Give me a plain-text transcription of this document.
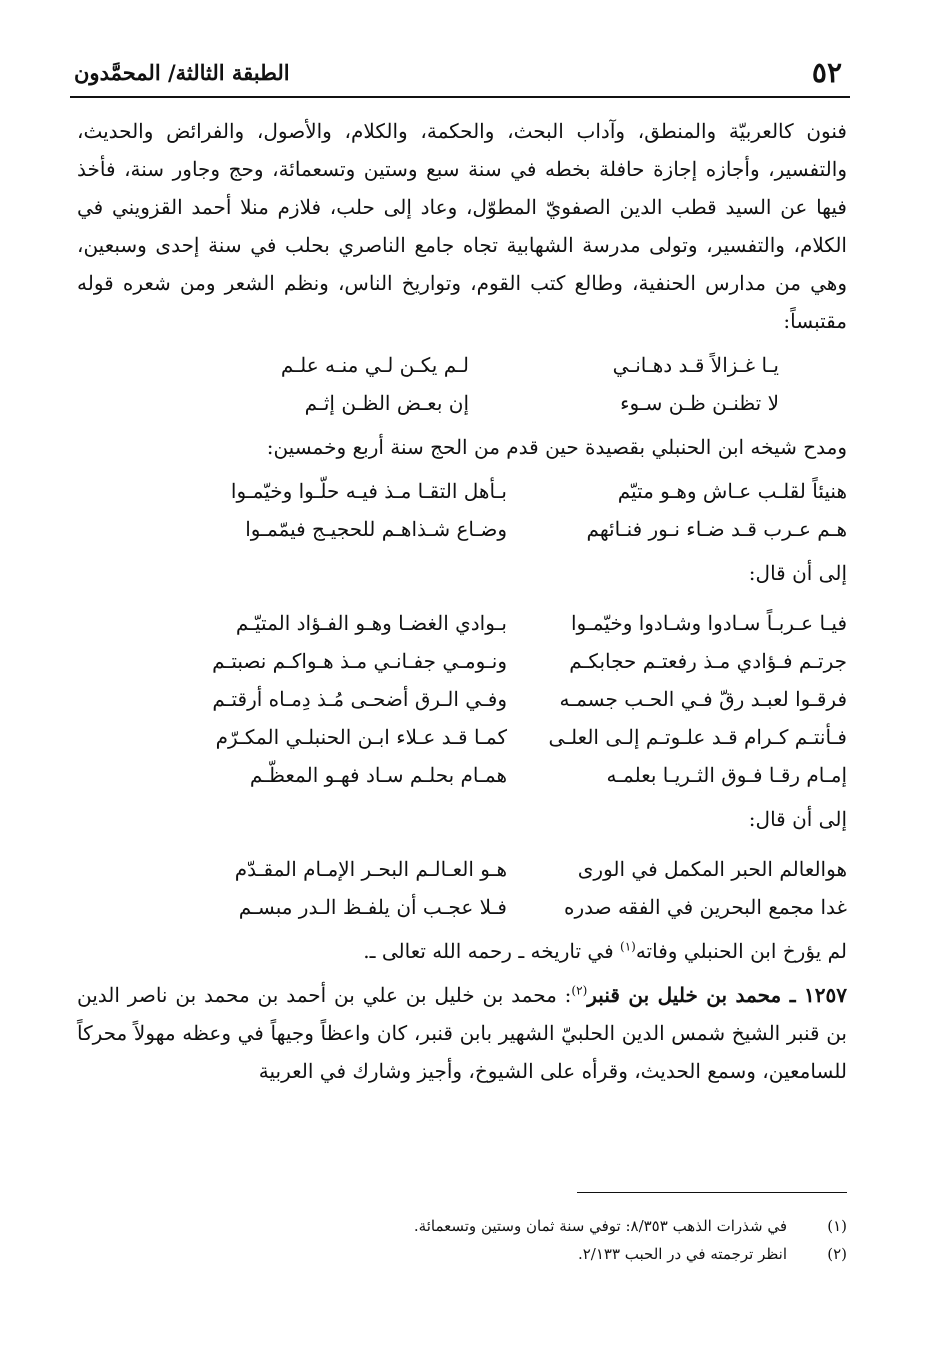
٥٢
الطبقة الثالثة/ المحمَّدون

فنون كالعربيّة والمنطق، وآداب البحث، والحكمة، والكلام، والأصول، والفرائض والحديث، والتفسير، وأجازه إجازة حافلة بخطه في سنة سبع وستين وتسعمائة، وحج وجاور سنة، فأخذ فيها عن السيد قطب الدين الصفويّ المطوّل، وعاد إلى حلب، فلازم منلا أحمد القزويني في الكلام، والتفسير، وتولى مدرسة الشهابية تجاه جامع الناصري بحلب في سنة إحدى وسبعين، وهي من مدارس الحنفية، وطالع كتب القوم، وتواريخ الناس، ونظم الشعر ومن شعره قوله مقتبساً:

يـا غـزالاً قـد دهـانـي
لـم يكـن لـي منـه علـم
لا تظنـن ظـن سـوء
إن بعـض الظـن إثـم

ومدح شيخه ابن الحنبلي بقصيدة حين قدم من الحج سنة أربع وخمسين:

هنيئاً لقلـب عـاش وهـو متيّم
بـأهل التقـا مـذ فيـه حلّـوا وخيّمـوا
هـم عـرب قـد ضـاء نـور فنـائهم
وضـاع شـذاهـم للحجيـج فيمّمـوا

إلى أن قال:

فيـا عـربـاً سـادوا وشـادوا وخيّمـوا
بـوادي الغضـا وهـو الفـؤاد المتيّـم
جرتـم فـؤادي مـذ رفعتـم حجابكـم
ونـومـي جفـانـي مـذ هـواكـم نصبتـم
فرقـوا لعبـد رقّ فـي الحـب جسمـه
وفـي الـرق أضحـى مُـذ دِمـاه أرقتـم
فـأنتـم كـرام قـد علـوتـم إلـى العلـى
كمـا قـد عـلاء ابـن الحنبلـي المكـرّم
إمـام رقـا فـوق الثـريـا بعلمـه
همـام بحلـم سـاد فهـو المعظّـم

إلى أن قال:

هوالعالم الحبر المكمل في الورى
هـو العـالـم البحـر الإمـام المقـدّم
غدا مجمع البحرين في الفقه صدره
فـلا عجـب أن يلفـظ الـدر مبسـم

لم يؤرخ ابن الحنبلي وفاته$^{(١)}$ في تاريخه ـ رحمه الله تعالى ـ.

١٢٥٧ ـ محمد بن خليل بن قنبر$^{(٢)}$: محمد بن خليل بن علي بن أحمد بن محمد بن ناصر الدين بن قنبر الشيخ شمس الدين الحلبيّ الشهير بابن قنبر، كان واعظاً وجيهاً في وعظه مهولاً محركاً للسامعين، وسمع الحديث، وقرأه على الشيوخ، وأجيز وشارك في العربية

(١)
في شذرات الذهب ٨/٣٥٣: توفي سنة ثمان وستين وتسعمائة.
(٢)
انظر ترجمته في در الحبب ٢/١٣٣.
